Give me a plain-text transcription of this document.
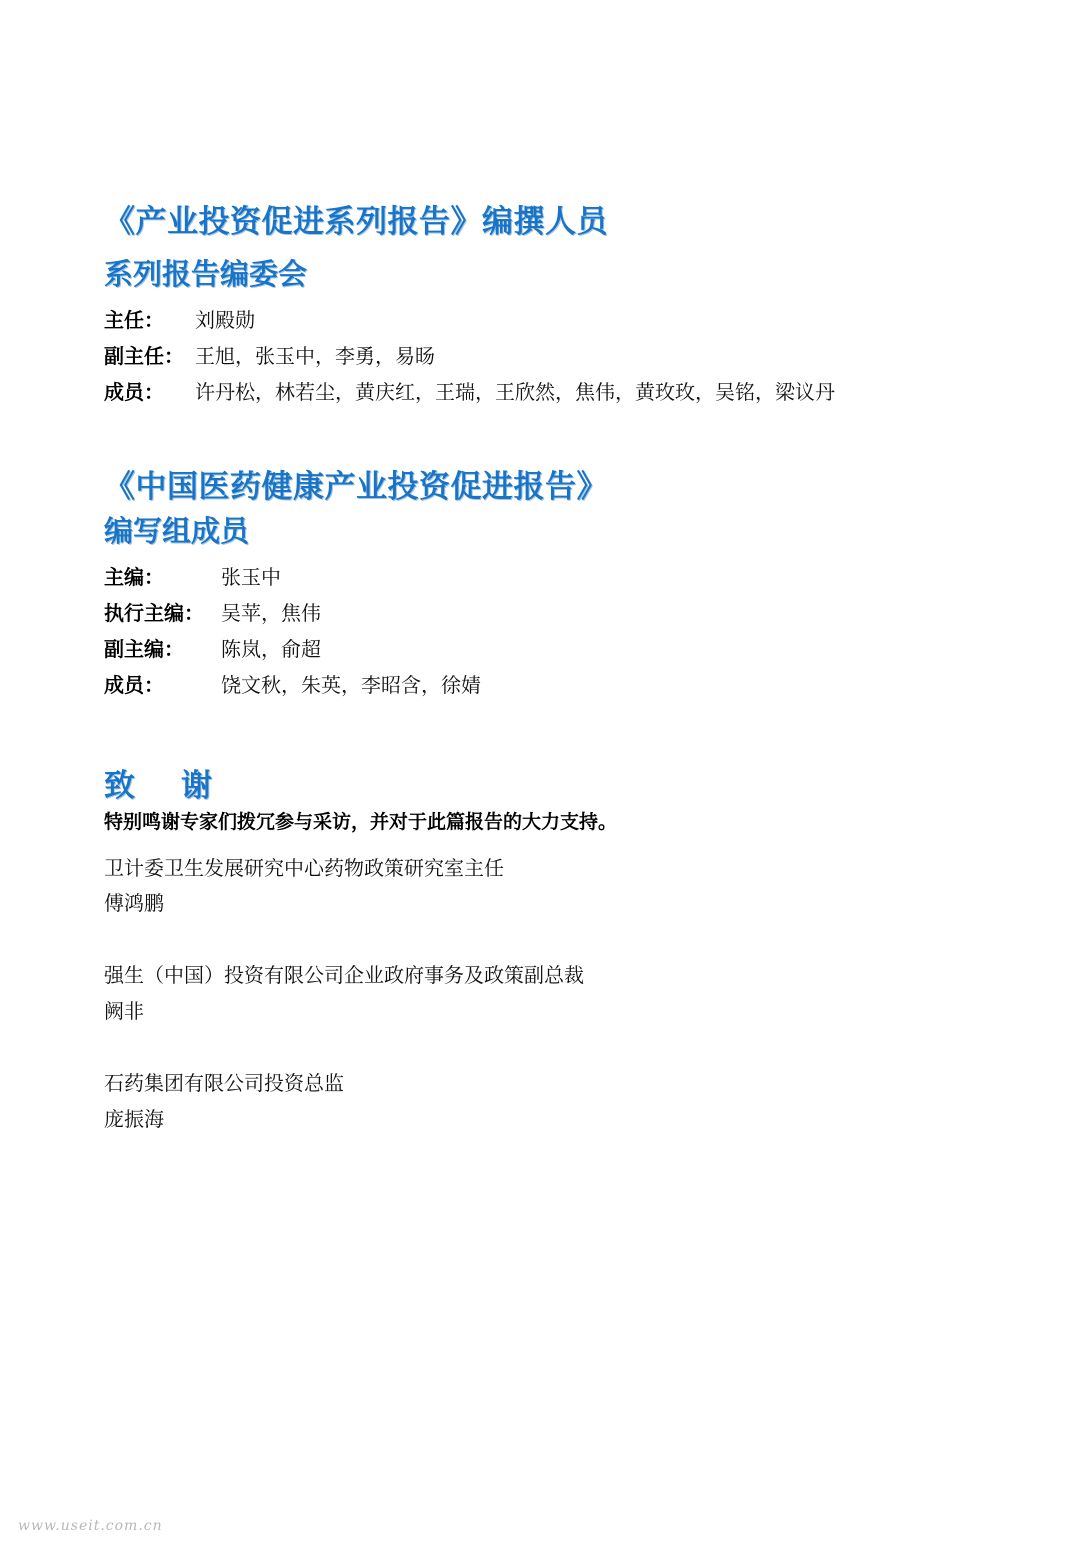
《产业投资促进系列报告》编撰人员
系列报告编委会
主任： 刘殿勋
副主任： 王旭，张玉中，李勇，易旸
成员： 许丹松，林若尘，黄庆红，王瑞，王欣然，焦伟，黄玫玫，吴铭，梁议丹
《中国医药健康产业投资促进报告》
编写组成员
主编：	张玉中
执行主编： 吴苹，焦伟
副主编： 陈岚，俞超
成员：	饶文秋，朱英，李昭含，徐婧
致 谢
特别鸣谢专家们拨冗参与采访，并对于此篇报告的大力支持。
卫计委卫生发展研究中心药物政策研究室主任
傅鸿鹏
强生（中国）投资有限公司企业政府事务及政策副总裁
阙非
石药集团有限公司投资总监
庞振海
www.useit.com.cn
